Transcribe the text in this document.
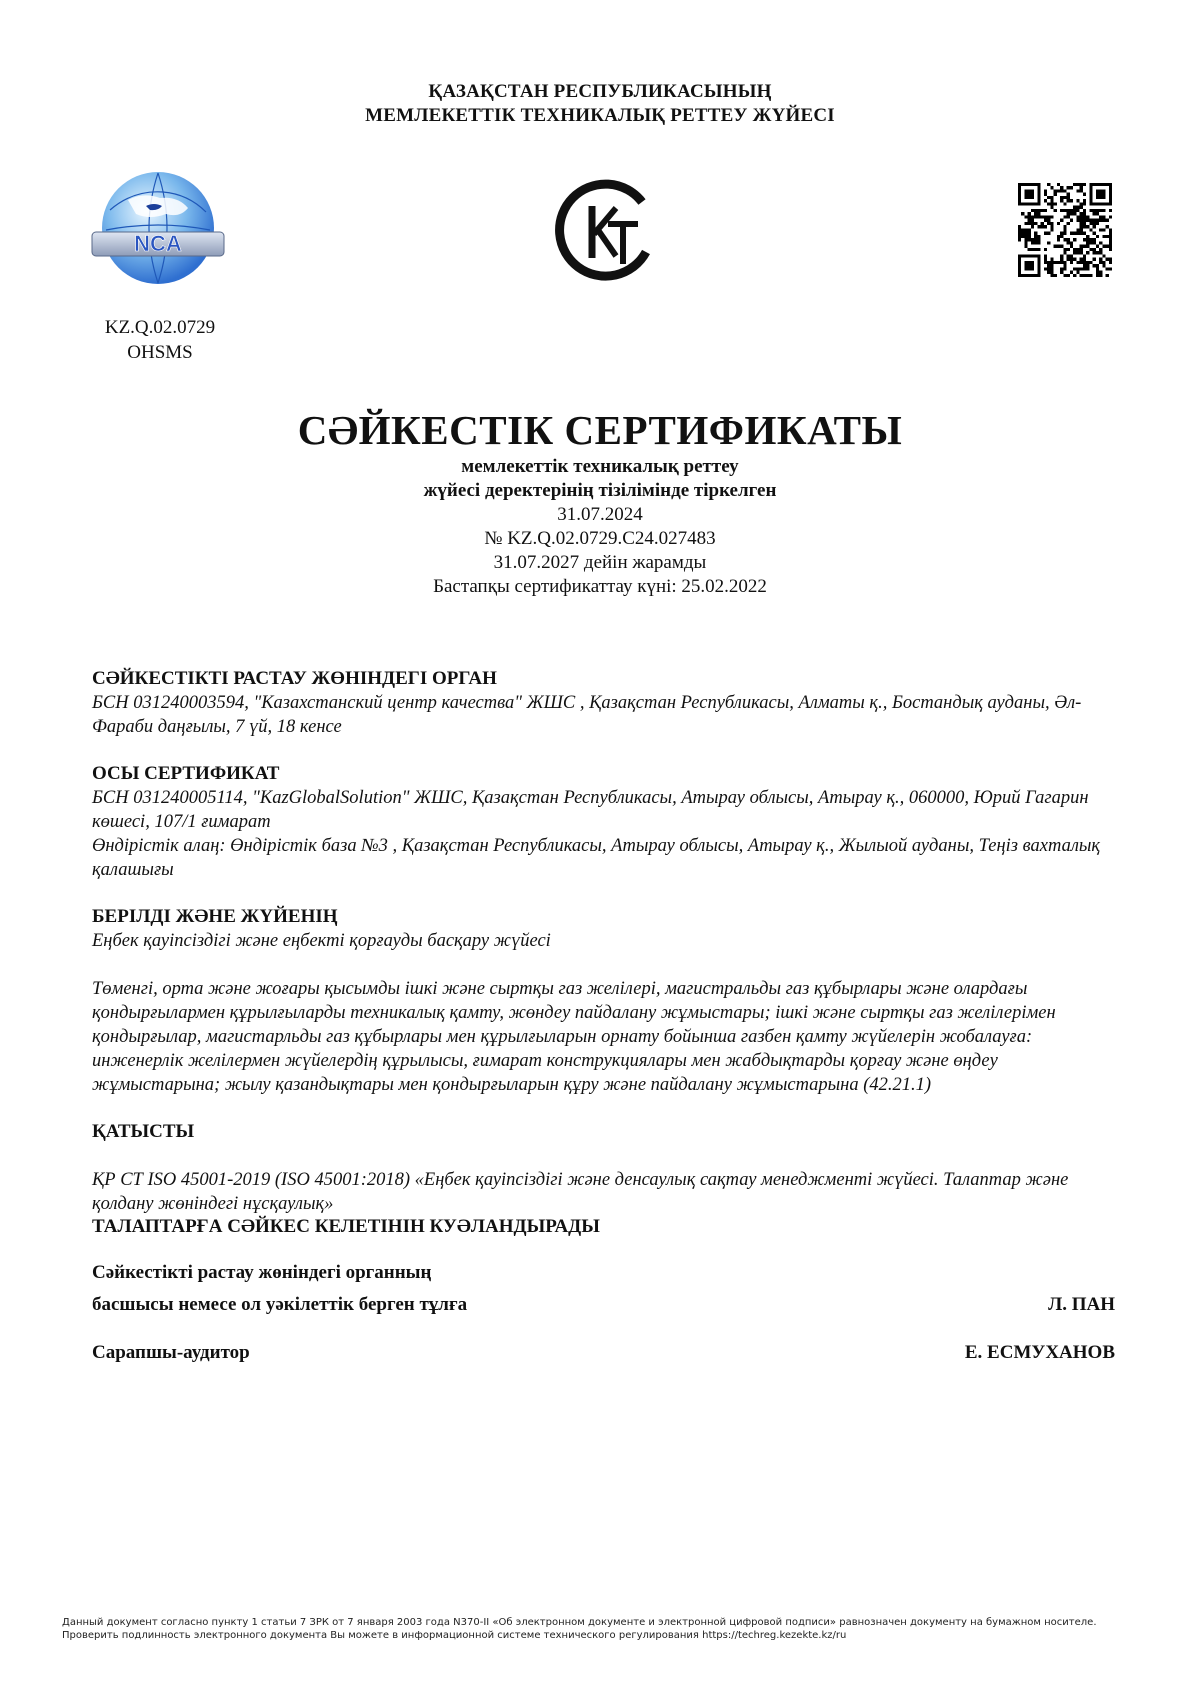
ҚАЗАҚСТАН РЕСПУБЛИКАСЫНЫҢ
МЕМЛЕКЕТТІК ТЕХНИКАЛЫҚ РЕТТЕУ ЖҮЙЕСІ
NCA
KZ.Q.02.0729
OHSMS
СӘЙКЕСТІК СЕРТИФИКАТЫ
мемлекеттік техникалық реттеу
жүйесі деректерінің тізілімінде тіркелген
31.07.2024
№ KZ.Q.02.0729.C24.027483
31.07.2027 дейін жарамды
Бастапқы сертификаттау күні: 25.02.2022
СӘЙКЕСТІКТІ РАСТАУ ЖӨНІНДЕГІ ОРГАН
БСН 031240003594, "Казахстанский центр качества" ЖШС , Қазақстан Республикасы, Алматы қ., Бостандық ауданы, Әл-Фараби даңғылы, 7 үй, 18 кенсе
ОСЫ СЕРТИФИКАТ
БСН 031240005114, "KazGlobalSolution" ЖШС, Қазақстан Республикасы, Атырау облысы, Атырау қ., 060000, Юрий Гагарин көшесі, 107/1 ғимарат
Өндірістік алаң: Өндірістік база №3 , Қазақстан Республикасы, Атырау облысы, Атырау қ., Жылыой ауданы, Теңіз вахталық қалашығы
БЕРІЛДІ ЖӘНЕ ЖҮЙЕНІҢ
Еңбек қауіпсіздігі және еңбекті қорғауды басқару жүйесі
Төменгі, орта және жоғары қысымды ішкі және сыртқы газ желілері, магистральды газ құбырлары және олардағы қондырғылармен құрылғыларды техникалық қамту, жөндеу пайдалану жұмыстары; ішкі және сыртқы газ желілерімен қондырғылар, магистарльды газ құбырлары мен құрылғыларын орнату бойынша газбен қамту жүйелерін жобалауға: инженерлік желілермен жүйелердің құрылысы, ғимарат конструкциялары мен жабдықтарды қорғау және өңдеу жұмыстарына; жылу қазандықтары мен қондырғыларын құру және пайдалану жұмыстарына (42.21.1)
ҚАТЫСТЫ
ҚР СТ ISO 45001-2019 (ISO 45001:2018) «Еңбек қауіпсіздігі және денсаулық сақтау менеджменті жүйесі. Талаптар және қолдану жөніндегі нұсқаулық»
ТАЛАПТАРҒА СӘЙКЕС КЕЛЕТІНІН КУӘЛАНДЫРАДЫ
Сәйкестікті растау жөніндегі органның
басшысы немесе ол уәкілеттік берген тұлға	Л. ПАН
Сарапшы-аудитор	Е. ЕСМУХАНОВ
Данный документ согласно пункту 1 статьи 7 ЗРК от 7 января 2003 года N370-II «Об электронном документе и электронной цифровой подписи» равнозначен документу на бумажном носителе.
Проверить подлинность электронного документа Вы можете в информационной системе технического регулирования https://techreg.kezekte.kz/ru
